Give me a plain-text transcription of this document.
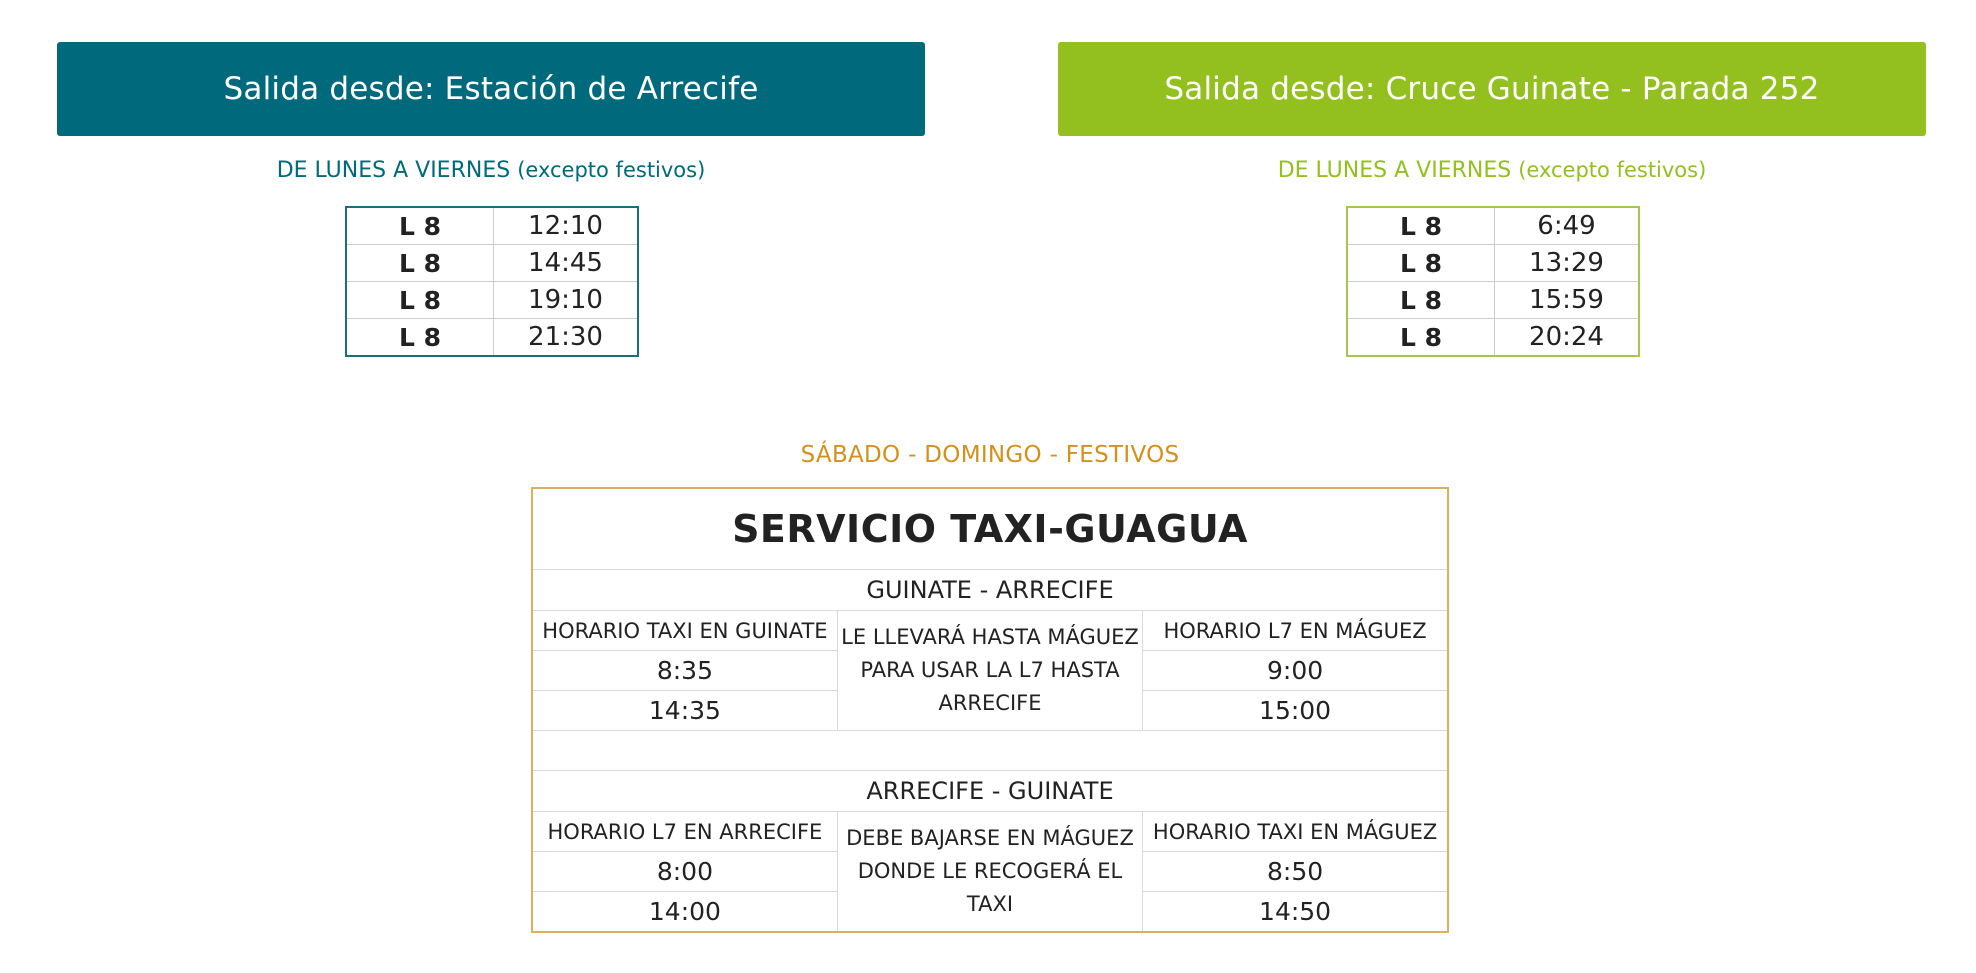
Salida desde: Estación de Arrecife	Salida desde: Cruce Guinate - Parada 252
DE LUNES A VIERNES (excepto festivos)	DE LUNES A VIERNES (excepto festivos)
L 8	12:10
L 8	14:45
L 8	19:10
L 8	21:30
L 8	6:49
L 8	13:29
L 8	15:59
L 8	20:24
SÁBADO - DOMINGO - FESTIVOS
SERVICIO TAXI-GUAGUA		
GUINATE - ARRECIFE		
HORARIO TAXI EN GUINATE	LE LLEVARÁ HASTA MÁGUEZ PARA USAR LA L7 HASTA ARRECIFE	HORARIO L7 EN MÁGUEZ
8:35		9:00
14:35		15:00

ARRECIFE - GUINATE		
HORARIO L7 EN ARRECIFE	DEBE BAJARSE EN MÁGUEZ DONDE LE RECOGERÁ EL TAXI	HORARIO TAXI EN MÁGUEZ
8:00		8:50
14:00		14:50
